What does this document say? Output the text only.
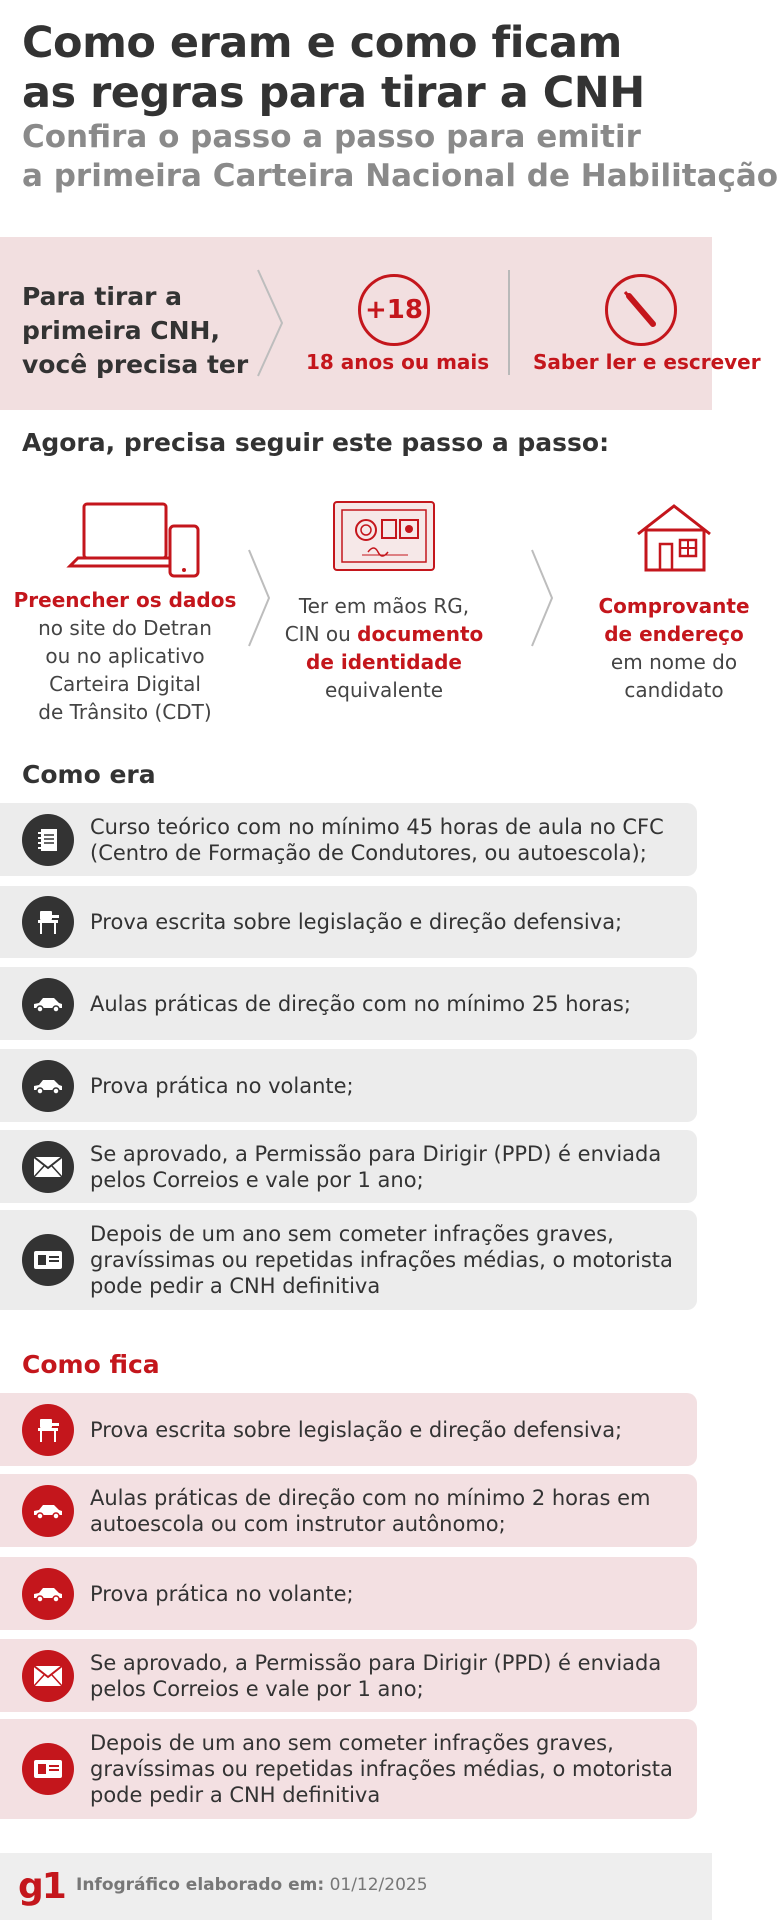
Como eram e como ficam
as regras para tirar a CNH
Confira o passo a passo para emitir
a primeira Carteira Nacional de Habilitação
Para tirar a
primeira CNH,
você precisa ter
+18
18 anos ou mais Saber ler e escrever
Agora, precisa seguir este passo a passo:
Preencher os dados
no site do Detran
ou no aplicativo
Carteira Digital
de Trânsito (CDT)
Ter em mãos RG,
CIN ou documento
de identidade
equivalente
Comprovante
de endereço
em nome do
candidato
Como era
Curso teórico com no mínimo 45 horas de aula no CFC (Centro de Formação de Condutores, ou autoescola);
Prova escrita sobre legislação e direção defensiva;
Aulas práticas de direção com no mínimo 25 horas;
Prova prática no volante;
Se aprovado, a Permissão para Dirigir (PPD) é enviada pelos Correios e vale por 1 ano;
Depois de um ano sem cometer infrações graves, gravíssimas ou repetidas infrações médias, o motorista pode pedir a CNH definitiva
Como fica
Prova escrita sobre legislação e direção defensiva;
Aulas práticas de direção com no mínimo 2 horas em autoescola ou com instrutor autônomo;
Prova prática no volante;
Se aprovado, a Permissão para Dirigir (PPD) é enviada pelos Correios e vale por 1 ano;
Depois de um ano sem cometer infrações graves, gravíssimas ou repetidas infrações médias, o motorista pode pedir a CNH definitiva
g1 Infográfico elaborado em: 01/12/2025
